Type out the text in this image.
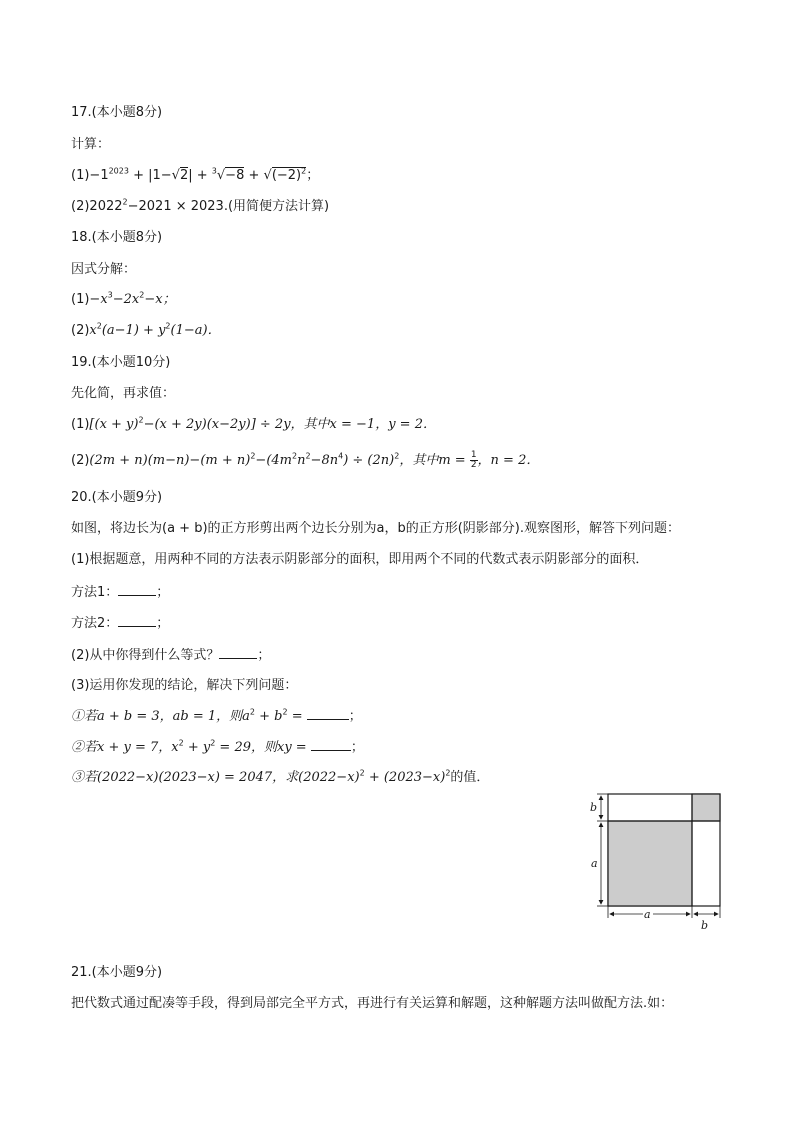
17.(本小题8分)
计算：
$(1)-1^{2023} + |1-√2| + ^3√-8 + √(-2)^2$；
$(2)2022^2-2021 \times 2023$.(用简便方法计算)
18.(本小题8分)
因式分解：
$(1)-x^3-2x^2-x$；
$(2)x^2(a-1) + y^2(1-a)$．
19.(本小题10分)
先化简，再求值：
$(1)[(x + y)^2-(x + 2y)(x-2y)] \div 2y$，其中x = −1，y = 2．
$(2)(2m + n)(m-n)-(m + n)^2-(4m^2n^2-8n^4) \div (2n)^2$，其中$m = \frac{1}{2}$ ，n = 2．
20.(本小题9分)
如图，将边长为(a + b)的正方形剪出两个边长分别为a，b的正方形(阴影部分).观察图形，解答下列问题：
(1)根据题意，用两种不同的方法表示阴影部分的面积，即用两个不同的代数式表示阴影部分的面积．
方法1：	；
方法2：	；
(2)从中你得到什么等式？	；
(3)运用你发现的结论，解决下列问题：
①若a + b = 3，ab = 1，则$a^2 + b^2$ =	；
②若x + y = 7，$x^2 + y^2 = 29$，则xy =	；
③若(2022−x)(2023−x) = 2047，求$(2022-x)^2 + (2023-x)^2$的值．
b
a
a
b
21.(本小题9分)
把代数式通过配凑等手段，得到局部完全平方式，再进行有关运算和解题，这种解题方法叫做配方法.如：
